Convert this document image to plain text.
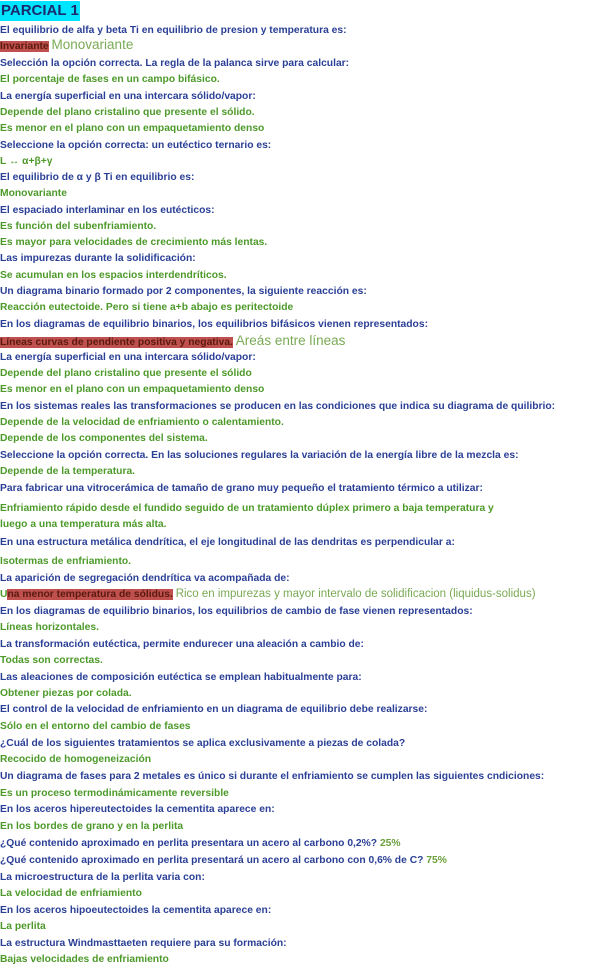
PARCIAL 1
El equilibrio de alfa y beta Ti en equilibrio de presion y temperatura es:
Invariante Monovariante
Selección la opción correcta. La regla de la palanca sirve para calcular:
El porcentaje de fases en un campo bifásico.
La energía superficial en una intercara sólido/vapor:
Depende del plano cristalino que presente el sólido.
Es menor en el plano con un empaquetamiento denso
Seleccione la opción correcta: un eutéctico ternario es:
L ↔ α+β+γ
El equilibrio de α y β Ti en equilibrio es:
Monovariante
El espaciado interlaminar en los eutécticos:
Es función del subenfriamiento.
Es mayor para velocidades de crecimiento más lentas.
Las impurezas durante la solidificación:
Se acumulan en los espacios interdendríticos.
Un diagrama binario formado por 2 componentes, la siguiente reacción es:
Reacción eutectoide. Pero si tiene a+b abajo es peritectoide
En los diagramas de equilibrio binarios, los equilibrios bifásicos vienen representados:
Líneas curvas de pendiente positiva y negativa. Areás entre líneas
La energía superficial en una intercara sólido/vapor:
Depende del plano cristalino que presente el sólido
Es menor en el plano con un empaquetamiento denso
En los sistemas reales las transformaciones se producen en las condiciones que indica su diagrama de quilibrio:
Depende de la velocidad de enfriamiento o calentamiento.
Depende de los componentes del sistema.
Seleccione la opción correcta. En las soluciones regulares la variación de la energía libre de la mezcla es:
Depende de la temperatura.
Para fabricar una vitrocerámica de tamaño de grano muy pequeño el tratamiento térmico a utilizar:
Enfriamiento rápido desde el fundido seguido de un tratamiento dúplex primero a baja temperatura y
luego a una temperatura más alta.
En una estructura metálica dendrítica, el eje longitudinal de las dendritas es perpendicular a:
Isotermas de enfriamiento.
La aparición de segregación dendrítica va acompañada de:
Una menor temperatura de sólidus. Rico en impurezas y mayor intervalo de solidificacion (liquidus-solidus)
En los diagramas de equilibrio binarios, los equilibrios de cambio de fase vienen representados:
Líneas horizontales.
La transformación eutéctica, permite endurecer una aleación a cambio de:
Todas son correctas.
Las aleaciones de composición eutéctica se emplean habitualmente para:
Obtener piezas por colada.
El control de la velocidad de enfriamiento en un diagrama de equilibrio debe realizarse:
Sólo en el entorno del cambio de fases
¿Cuál de los siguientes tratamientos se aplica exclusivamente a piezas de colada?
Recocido de homogeneización
Un diagrama de fases para 2 metales es único si durante el enfriamiento se cumplen las siguientes cndiciones:
Es un proceso termodinámicamente reversible
En los aceros hipereutectoides la cementita aparece en:
En los bordes de grano y en la perlita
¿Qué contenido aproximado en perlita presentara un acero al carbono 0,2%? 25%
¿Qué contenido aproximado en perlita presentará un acero al carbono con 0,6% de C? 75%
La microestructura de la perlita varia con:
La velocidad de enfriamiento
En los aceros hipoeutectoides la cementita aparece en:
La perlita
La estructura Windmasttaeten requiere para su formación:
Bajas velocidades de enfriamiento
